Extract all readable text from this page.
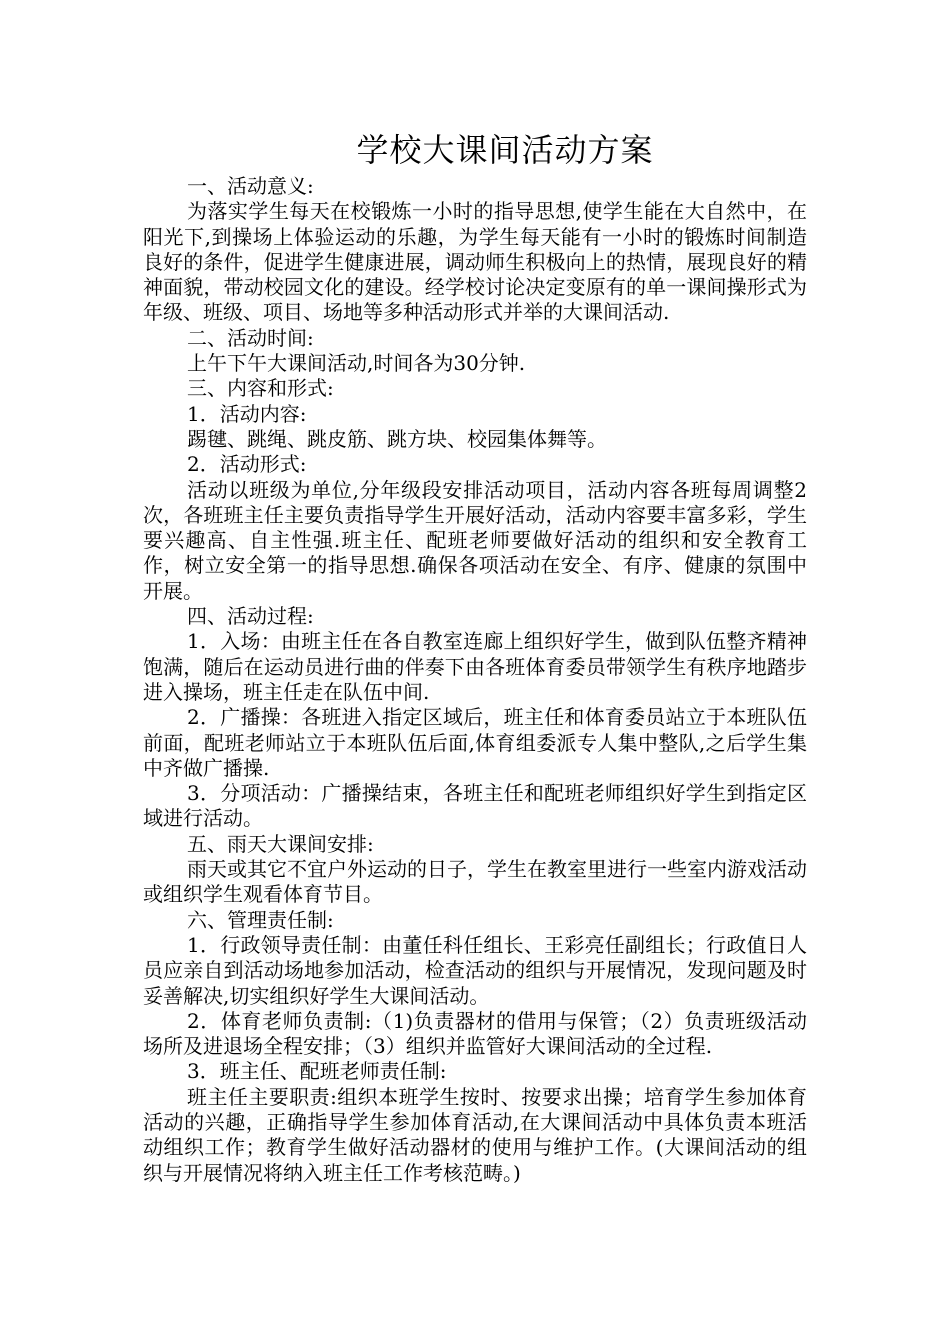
学校大课间活动方案

一、活动意义:

为落实学生每天在校锻炼一小时的指导思想,使学生能在大自然中，在阳光下,到操场上体验运动的乐趣，为学生每天能有一小时的锻炼时间制造良好的条件，促进学生健康进展，调动师生积极向上的热情，展现良好的精神面貌，带动校园文化的建设。经学校讨论决定变原有的单一课间操形式为年级、班级、项目、场地等多种活动形式并举的大课间活动.

二、活动时间:

上午下午大课间活动,时间各为30分钟.

三、内容和形式:

1．活动内容:

踢毽、跳绳、跳皮筋、跳方块、校园集体舞等。

2．活动形式:

活动以班级为单位,分年级段安排活动项目，活动内容各班每周调整2次，各班班主任主要负责指导学生开展好活动，活动内容要丰富多彩，学生要兴趣高、自主性强.班主任、配班老师要做好活动的组织和安全教育工作，树立安全第一的指导思想.确保各项活动在安全、有序、健康的氛围中开展。

四、活动过程:

1．入场：由班主任在各自教室连廊上组织好学生，做到队伍整齐精神饱满，随后在运动员进行曲的伴奏下由各班体育委员带领学生有秩序地踏步进入操场，班主任走在队伍中间.

2．广播操：各班进入指定区域后，班主任和体育委员站立于本班队伍前面，配班老师站立于本班队伍后面,体育组委派专人集中整队,之后学生集中齐做广播操.

3．分项活动：广播操结束，各班主任和配班老师组织好学生到指定区域进行活动。

五、雨天大课间安排:

雨天或其它不宜户外运动的日子，学生在教室里进行一些室内游戏活动或组织学生观看体育节目。

六、管理责任制:

1．行政领导责任制：由董任科任组长、王彩亮任副组长；行政值日人员应亲自到活动场地参加活动，检查活动的组织与开展情况，发现问题及时妥善解决,切实组织好学生大课间活动。

2．体育老师负责制:（1)负责器材的借用与保管；（2）负责班级活动场所及进退场全程安排；（3）组织并监管好大课间活动的全过程.

3．班主任、配班老师责任制:

班主任主要职责:组织本班学生按时、按要求出操；培育学生参加体育活动的兴趣，正确指导学生参加体育活动,在大课间活动中具体负责本班活动组织工作；教育学生做好活动器材的使用与维护工作。(大课间活动的组织与开展情况将纳入班主任工作考核范畴。)
